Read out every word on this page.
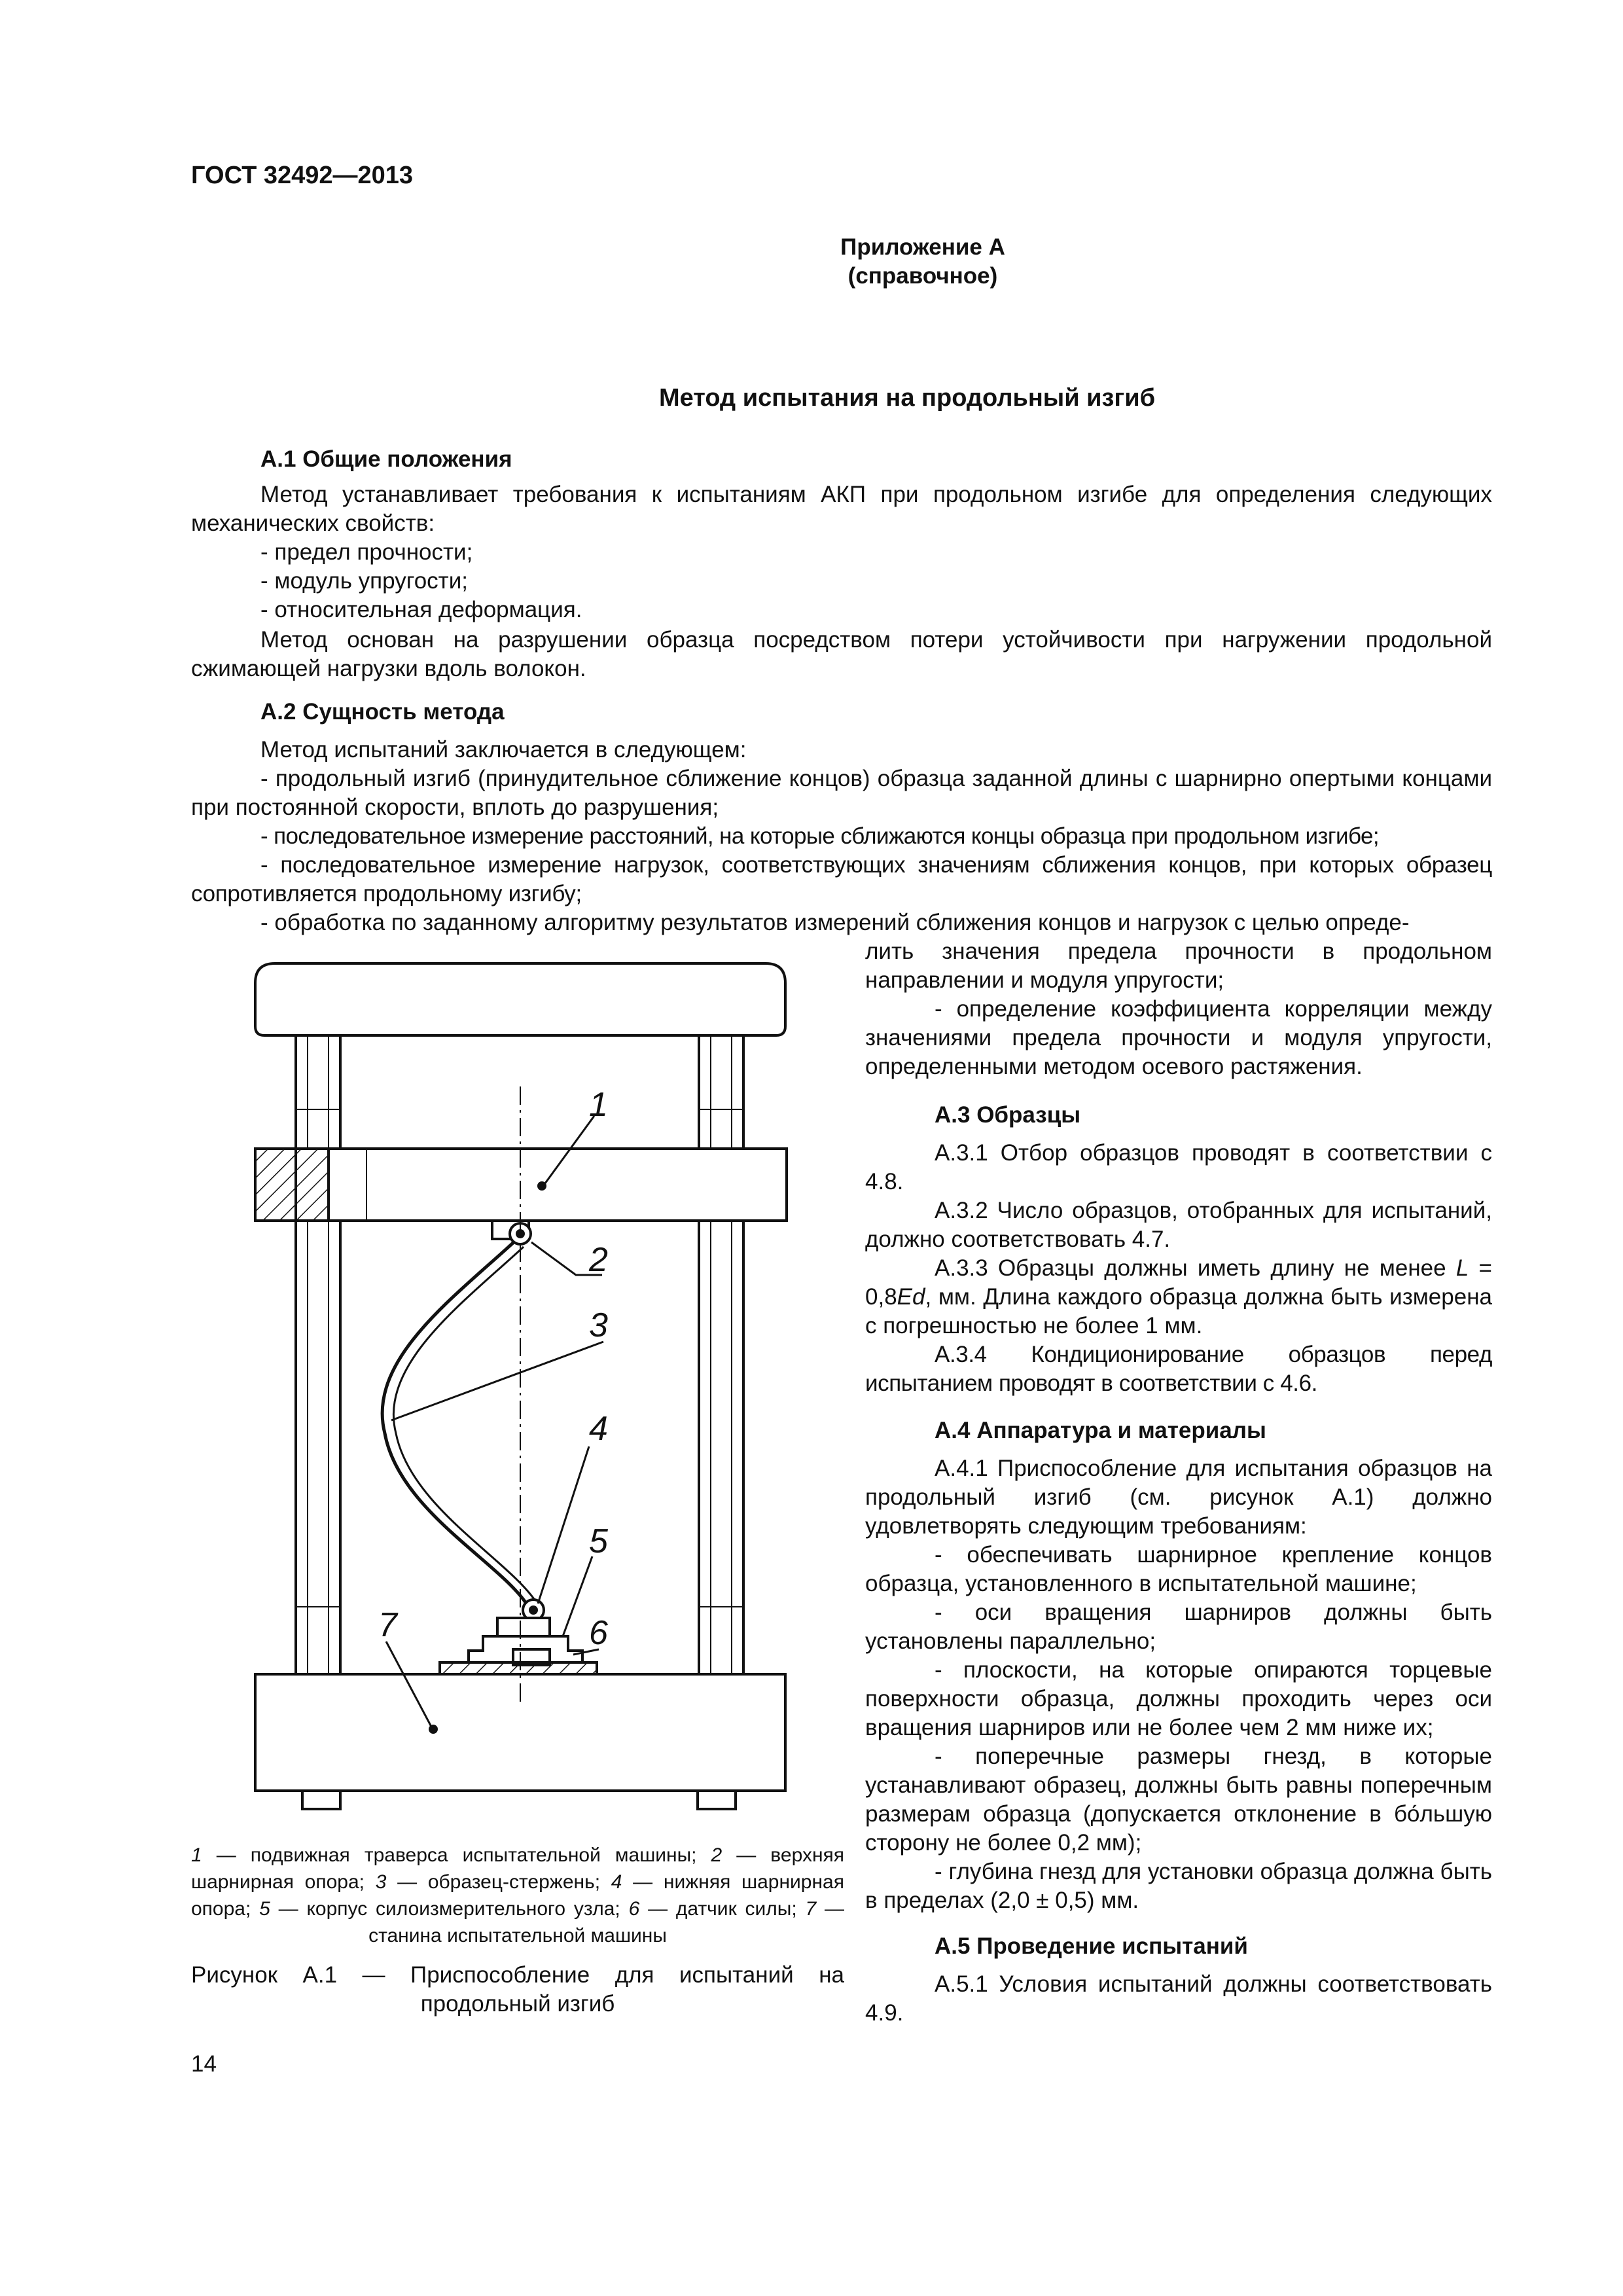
ГОСТ 32492—2013
Приложение А
(справочное)
Метод испытания на продольный изгиб
А.1 Общие положения

Метод устанавливает требования к испытаниям АКП при продольном изгибе для определения следующих механических свойств:

- предел прочности;
- модуль упругости;
- относительная деформация.

Метод основан на разрушении образца посредством потери устойчивости при нагружении продольной сжимающей нагрузки вдоль волокон.

А.2 Сущность метода
Метод испытаний заключается в следующем:

- продольный изгиб (принудительное сближение концов) образца заданной длины с шарнирно опертыми концами при постоянной скорости, вплоть до разрушения;

- последовательное измерение расстояний, на которые сближаются концы образца при продольном изгибе;

- последовательное измерение нагрузок, соответствующих значениям сближения концов, при которых образец сопротивляется продольному изгибу;

- обработка по заданному алгоритму результатов измерений сближения концов и нагрузок с целью опреде-

лить значения предела прочности в продольном направлении и модуля упругости;

- определение коэффициента корреляции между значениями предела прочности и модуля упругости, определенными методом осевого растяжения.

А.3 Образцы

А.3.1 Отбор образцов проводят в соответствии с 4.8.

А.3.2 Число образцов, отобранных для испытаний, должно соответствовать 4.7.

А.3.3 Образцы должны иметь длину не менее L = 0,8Ed, мм. Длина каждого образца должна быть измерена с погрешностью не более 1 мм.

А.3.4 Кондиционирование образцов перед испытанием проводят в соответствии с 4.6.

А.4 Аппаратура и материалы

А.4.1 Приспособление для испытания образцов на продольный изгиб (см. рисунок А.1) должно удовлетворять следующим требованиям:

- обеспечивать шарнирное крепление концов образца, установленного в испытательной машине;

- оси вращения шарниров должны быть установлены параллельно;

- плоскости, на которые опираются торцевые поверхности образца, должны проходить через оси вращения шарниров или не более чем 2 мм ниже их;

- поперечные размеры гнезд, в которые устанавливают образец, должны быть равны поперечным размерам образца (допускается отклонение в бо́льшую сторону не более 0,2 мм);

- глубина гнезд для установки образца должна быть в пределах (2,0 ± 0,5) мм.

А.5 Проведение испытаний

А.5.1 Условия испытаний должны соответствовать 4.9.

1
2
3
4
5
6
7

1 — подвижная траверса испытательной машины; 2 — верхняя шарнирная опора; 3 — образец-стержень; 4 — нижняя шарнирная опора; 5 — корпус силоизмерительного узла; 6 — датчик силы; 7 — станина испытательной машины

Рисунок А.1 — Приспособление для испытаний на продольный изгиб

14
